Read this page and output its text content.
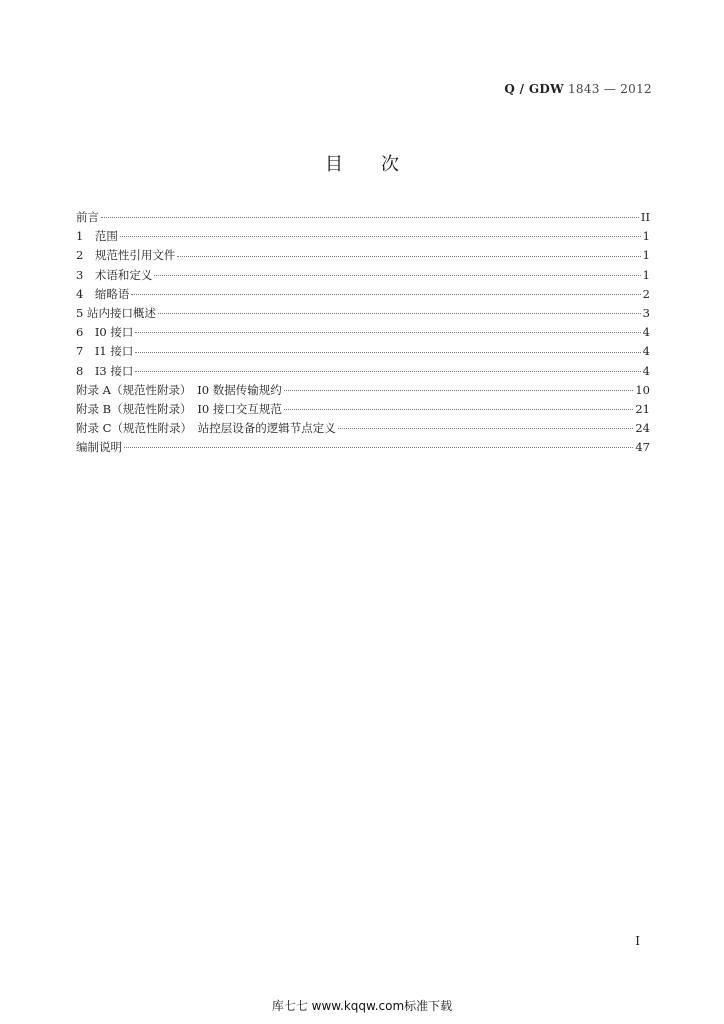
Q / GDW 1843 — 2012
目次
前言	II
1　范围	1
2　规范性引用文件	1
3　术语和定义	1
4　缩略语	2
5 站内接口概述	3
6　I0 接口	4
7　I1 接口	4
8　I3 接口	4
附录 A（规范性附录）　I0 数据传输规约	10
附录 B（规范性附录）　I0 接口交互规范	21
附录 C（规范性附录）　站控层设备的逻辑节点定义	24
编制说明	47
I
库七七 www.kqqw.com标准下载
